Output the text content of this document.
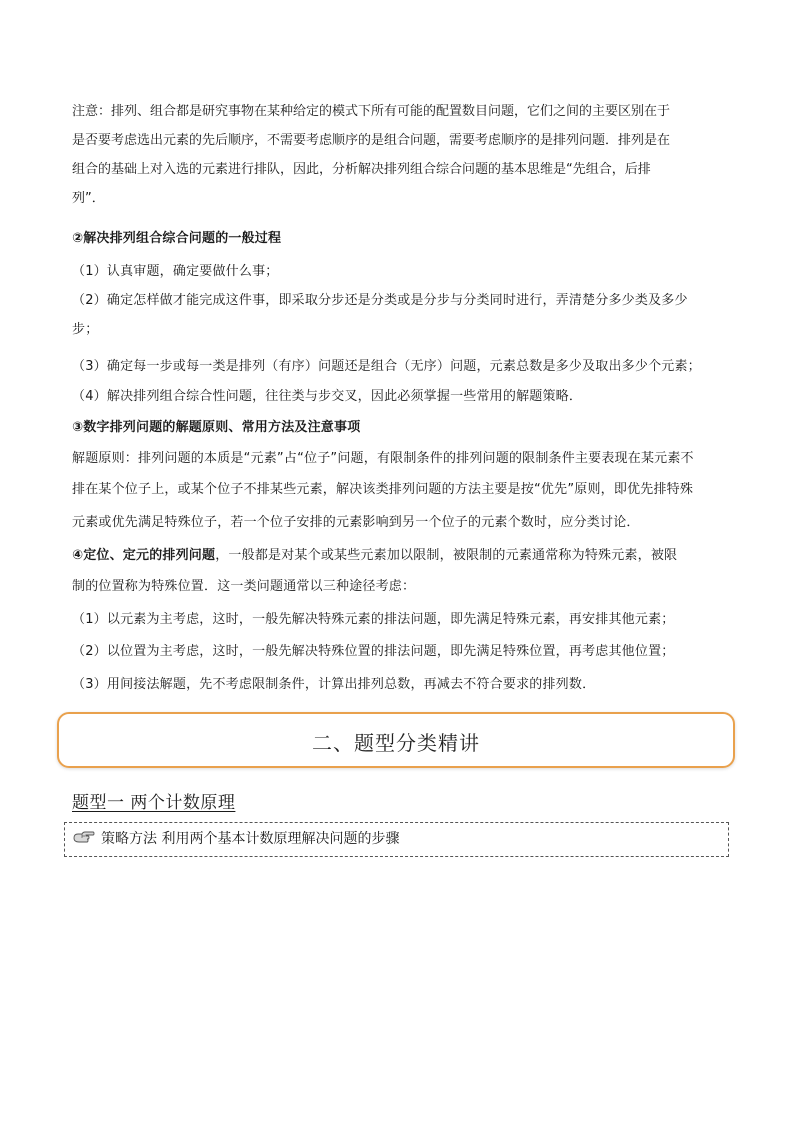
注意：排列、组合都是研究事物在某种给定的模式下所有可能的配置数目问题，它们之间的主要区别在于
是否要考虑选出元素的先后顺序，不需要考虑顺序的是组合问题，需要考虑顺序的是排列问题．排列是在
组合的基础上对入选的元素进行排队，因此，分析解决排列组合综合问题的基本思维是“先组合，后排
列”．
②解决排列组合综合问题的一般过程
（1）认真审题，确定要做什么事；
（2）确定怎样做才能完成这件事，即采取分步还是分类或是分步与分类同时进行，弄清楚分多少类及多少
步；
（3）确定每一步或每一类是排列（有序）问题还是组合（无序）问题，元素总数是多少及取出多少个元素；
（4）解决排列组合综合性问题，往往类与步交叉，因此必须掌握一些常用的解题策略．
③数字排列问题的解题原则、常用方法及注意事项
解题原则：排列问题的本质是“元素”占“位子”问题，有限制条件的排列问题的限制条件主要表现在某元素不
排在某个位子上，或某个位子不排某些元素，解决该类排列问题的方法主要是按“优先”原则，即优先排特殊
元素或优先满足特殊位子，若一个位子安排的元素影响到另一个位子的元素个数时，应分类讨论．
④定位、定元的排列问题，一般都是对某个或某些元素加以限制，被限制的元素通常称为特殊元素，被限
制的位置称为特殊位置．这一类问题通常以三种途径考虑：
（1）以元素为主考虑，这时，一般先解决特殊元素的排法问题，即先满足特殊元素，再安排其他元素；
（2）以位置为主考虑，这时，一般先解决特殊位置的排法问题，即先满足特殊位置，再考虑其他位置；
（3）用间接法解题，先不考虑限制条件，计算出排列总数，再减去不符合要求的排列数．
二、题型分类精讲
题型一 两个计数原理
策略方法 利用两个基本计数原理解决问题的步骤
